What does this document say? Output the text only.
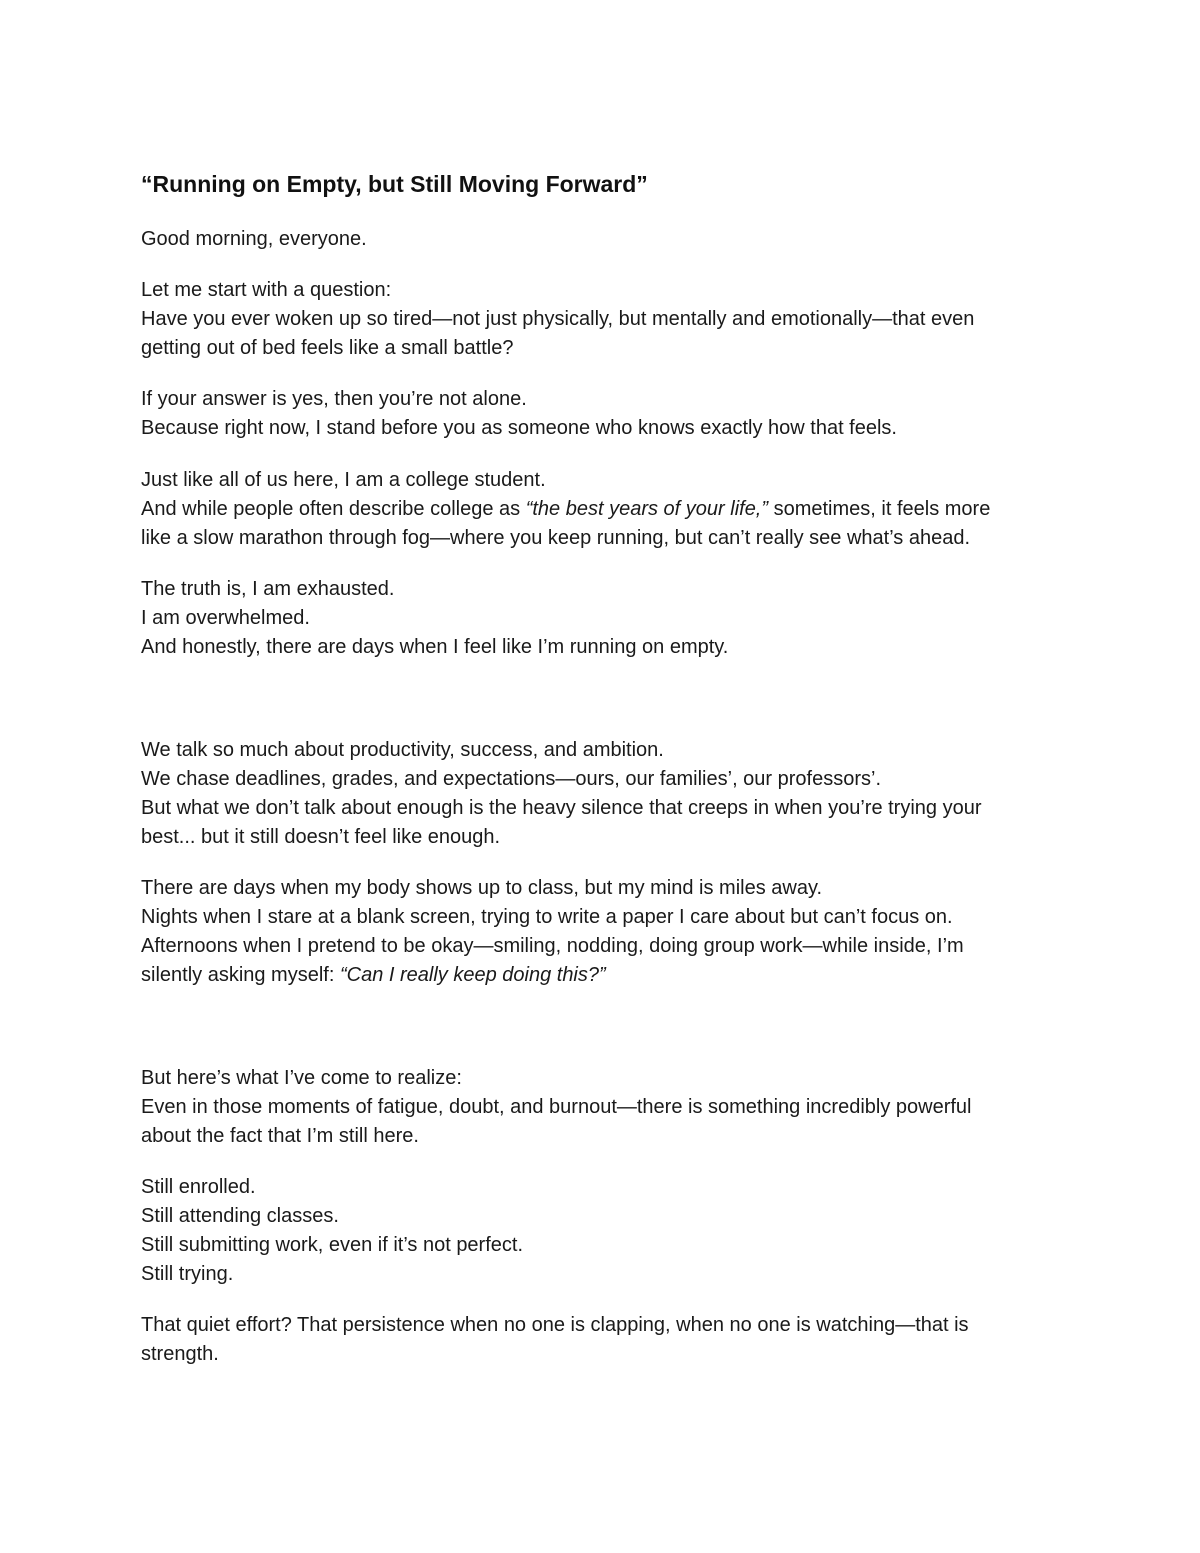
“Running on Empty, but Still Moving Forward”
Good morning, everyone.
Let me start with a question:
Have you ever woken up so tired—not just physically, but mentally and emotionally—that even
getting out of bed feels like a small battle?
If your answer is yes, then you’re not alone.
Because right now, I stand before you as someone who knows exactly how that feels.
Just like all of us here, I am a college student.
And while people often describe college as “the best years of your life,” sometimes, it feels more
like a slow marathon through fog—where you keep running, but can’t really see what’s ahead.
The truth is, I am exhausted.
I am overwhelmed.
And honestly, there are days when I feel like I’m running on empty.
We talk so much about productivity, success, and ambition.
We chase deadlines, grades, and expectations—ours, our families’, our professors’.
But what we don’t talk about enough is the heavy silence that creeps in when you’re trying your
best... but it still doesn’t feel like enough.
There are days when my body shows up to class, but my mind is miles away.
Nights when I stare at a blank screen, trying to write a paper I care about but can’t focus on.
Afternoons when I pretend to be okay—smiling, nodding, doing group work—while inside, I’m
silently asking myself: “Can I really keep doing this?”
But here’s what I’ve come to realize:
Even in those moments of fatigue, doubt, and burnout—there is something incredibly powerful
about the fact that I’m still here.
Still enrolled.
Still attending classes.
Still submitting work, even if it’s not perfect.
Still trying.
That quiet effort? That persistence when no one is clapping, when no one is watching—that is
strength.
